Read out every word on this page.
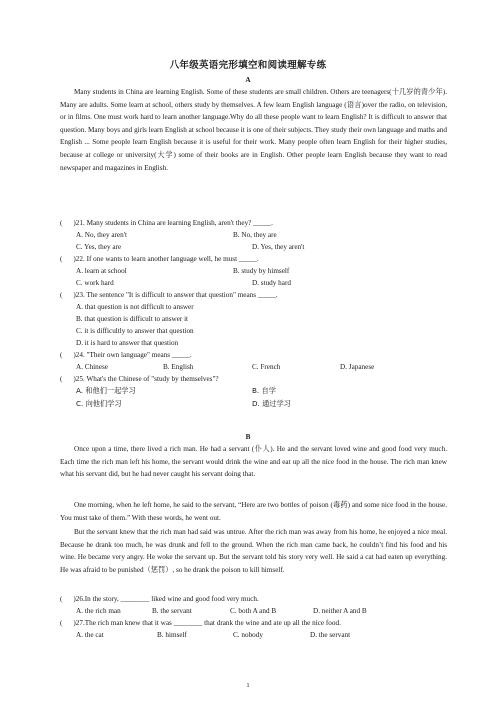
八年级英语完形填空和阅读理解专练
A
Many students in China are learning English. Some of these students are small children. Others are teenagers(十几岁的青少年). Many are adults. Some learn at school, others study by themselves. A few learn English language (语言)over the radio, on television, or in films. One must work hard to learn another language.Why do all these people want to learn English? It is difficult to answer that question. Many boys and girls learn English at school because it is one of their subjects. They study their own language and maths and English ... Some people learn English because it is useful for their work. Many people often learn English for their higher studies, because at college or university(大学) some of their books are in English. Other people learn English because they want to read newspaper and magazines in English.
( )21. Many students in China are learning English, aren't they? _____.
A. No, they aren't	B. No, they are
C. Yes, they are	D. Yes, they aren't
( )22. If one wants to learn another language well, he must _____.
A. learn at school	B. study by himself
C. work hard	D. study hard
( )23. The sentence "It is difficult to answer that question" means _____.
A. that question is not difficult to answer
B. that question is difficult to answer it
C. it is difficultly to answer that question
D. it is hard to answer that question
( )24. "Their own language" means _____.
A. Chinese	B. English	C. French	D. Japanese
( )25. What's the Chinese of "study by themselves"?
A. 和他们一起学习	B. 自学
C. 向他们学习	D. 通过学习
B
Once upon a time, there lived a rich man. He had a servant (仆人). He and the servant loved wine and good food very much. Each time the rich man left his home, the servant would drink the wine and eat up all the nice food in the house. The rich man knew what his servant did, but he had never caught his servant doing that.
One morning, when he left home, he said to the servant, “Here are two bottles of poison (毒药) and some nice food in the house. You must take of them.” With these words, he went out.
But the servant knew that the rich man had said was untrue. After the rich man was away from his home, he enjoyed a nice meal. Because he drank too much, he was drunk and fell to the ground. When the rich man came back, he couldn’t find his food and his wine. He became very angry. He woke the servant up. But the servant told his story very well. He said a cat had eaten up everything. He was afraid to be punished（惩罚）, so he drank the poison to kill himself.
( )26.In the story, ________ liked wine and good food very much.
A. the rich man	B. the servant	C. both A and B	D. neither A and B
( )27.The rich man knew that it was ________ that drank the wine and ate up all the nice food.
A. the cat	B. himself	C. nobody	D. the servant
1
